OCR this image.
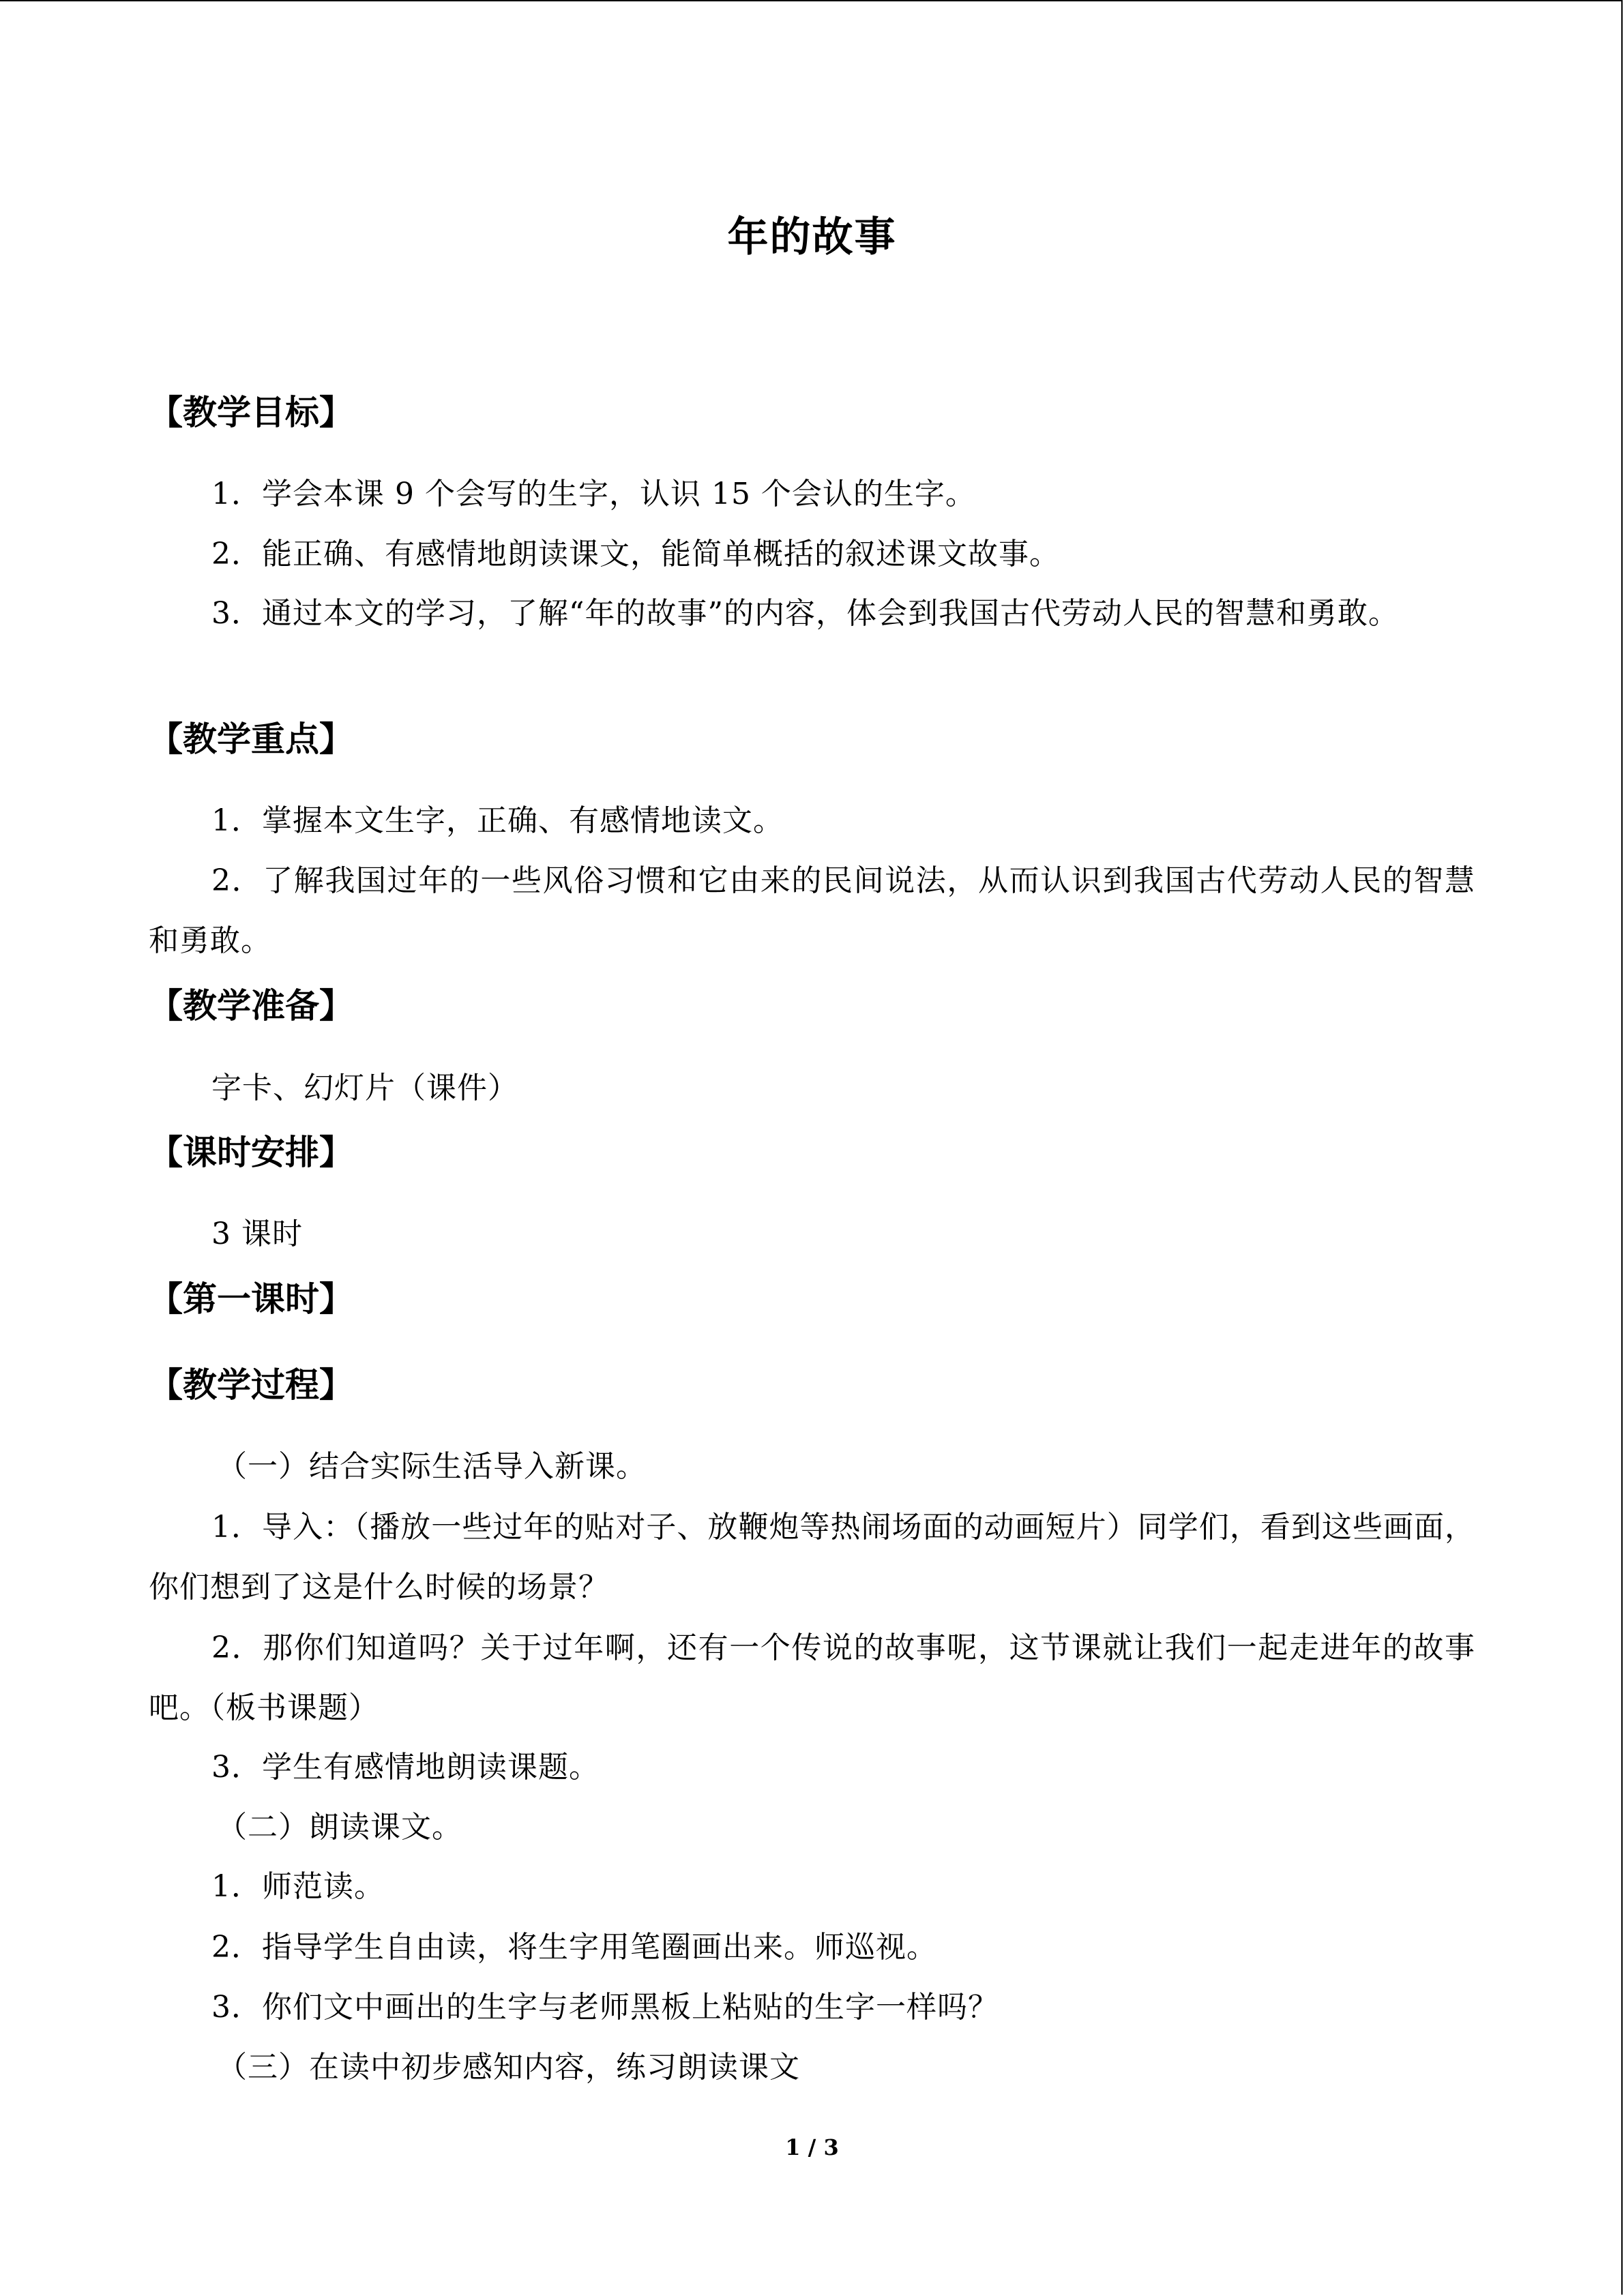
年的故事
【教学目标】
1．学会本课 9 个会写的生字，认识 15 个会认的生字。
2．能正确、有感情地朗读课文，能简单概括的叙述课文故事。
3．通过本文的学习，了解“年的故事”的内容，体会到我国古代劳动人民的智慧和勇敢。
【教学重点】
1．掌握本文生字，正确、有感情地读文。
2．了解我国过年的一些风俗习惯和它由来的民间说法，从而认识到我国古代劳动人民的智慧和勇敢。
【教学准备】
字卡、幻灯片（课件）
【课时安排】
3 课时
【第一课时】
【教学过程】
（一）结合实际生活导入新课。
1．导入：（播放一些过年的贴对子、放鞭炮等热闹场面的动画短片）同学们，看到这些画面，你们想到了这是什么时候的场景？
2．那你们知道吗？关于过年啊，还有一个传说的故事呢，这节课就让我们一起走进年的故事吧。（板书课题）
3．学生有感情地朗读课题。
（二）朗读课文。
1．师范读。
2．指导学生自由读，将生字用笔圈画出来。师巡视。
3．你们文中画出的生字与老师黑板上粘贴的生字一样吗？
（三）在读中初步感知内容，练习朗读课文
1 / 3
